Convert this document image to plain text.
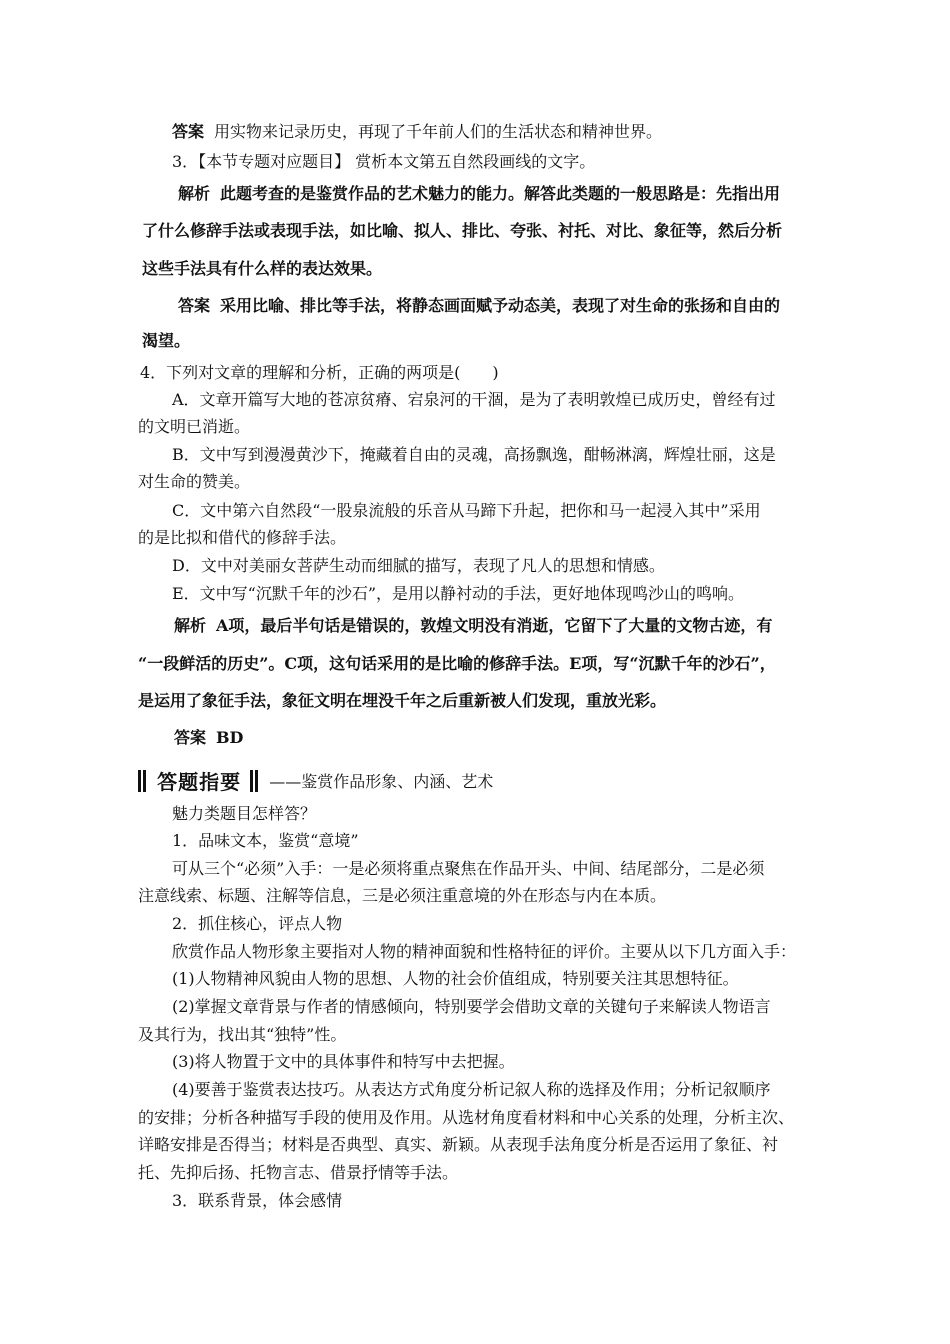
答案 用实物来记录历史，再现了千年前人们的生活状态和精神世界。
3．【本节专题对应题目】 赏析本文第五自然段画线的文字。
解析 此题考查的是鉴赏作品的艺术魅力的能力。解答此类题的一般思路是：先指出用
了什么修辞手法或表现手法，如比喻、拟人、排比、夸张、衬托、对比、象征等，然后分析
这些手法具有什么样的表达效果。
答案 采用比喻、排比等手法，将静态画面赋予动态美，表现了对生命的张扬和自由的
渴望。
4．下列对文章的理解和分析，正确的两项是(　　)
A．文章开篇写大地的苍凉贫瘠、宕泉河的干涸，是为了表明敦煌已成历史，曾经有过
的文明已消逝。
B．文中写到漫漫黄沙下，掩藏着自由的灵魂，高扬飘逸，酣畅淋漓，辉煌壮丽，这是
对生命的赞美。
C．文中第六自然段“一股泉流般的乐音从马蹄下升起，把你和马一起浸入其中”采用
的是比拟和借代的修辞手法。
D．文中对美丽女菩萨生动而细腻的描写，表现了凡人的思想和情感。
E．文中写“沉默千年的沙石”，是用以静衬动的手法，更好地体现鸣沙山的鸣响。
解析 A项，最后半句话是错误的，敦煌文明没有消逝，它留下了大量的文物古迹，有
“一段鲜活的历史”。C项，这句话采用的是比喻的修辞手法。E项，写“沉默千年的沙石”，
是运用了象征手法，象征文明在埋没千年之后重新被人们发现，重放光彩。
答案 BD
答题指要 ——鉴赏作品形象、内涵、艺术
魅力类题目怎样答？
1．品味文本，鉴赏“意境”
可从三个“必须”入手：一是必须将重点聚焦在作品开头、中间、结尾部分，二是必须
注意线索、标题、注解等信息，三是必须注重意境的外在形态与内在本质。
2．抓住核心，评点人物
欣赏作品人物形象主要指对人物的精神面貌和性格特征的评价。主要从以下几方面入手：
(1)人物精神风貌由人物的思想、人物的社会价值组成，特别要关注其思想特征。
(2)掌握文章背景与作者的情感倾向，特别要学会借助文章的关键句子来解读人物语言
及其行为，找出其“独特”性。
(3)将人物置于文中的具体事件和特写中去把握。
(4)要善于鉴赏表达技巧。从表达方式角度分析记叙人称的选择及作用；分析记叙顺序
的安排；分析各种描写手段的使用及作用。从选材角度看材料和中心关系的处理，分析主次、
详略安排是否得当；材料是否典型、真实、新颖。从表现手法角度分析是否运用了象征、衬
托、先抑后扬、托物言志、借景抒情等手法。
3．联系背景，体会感情
